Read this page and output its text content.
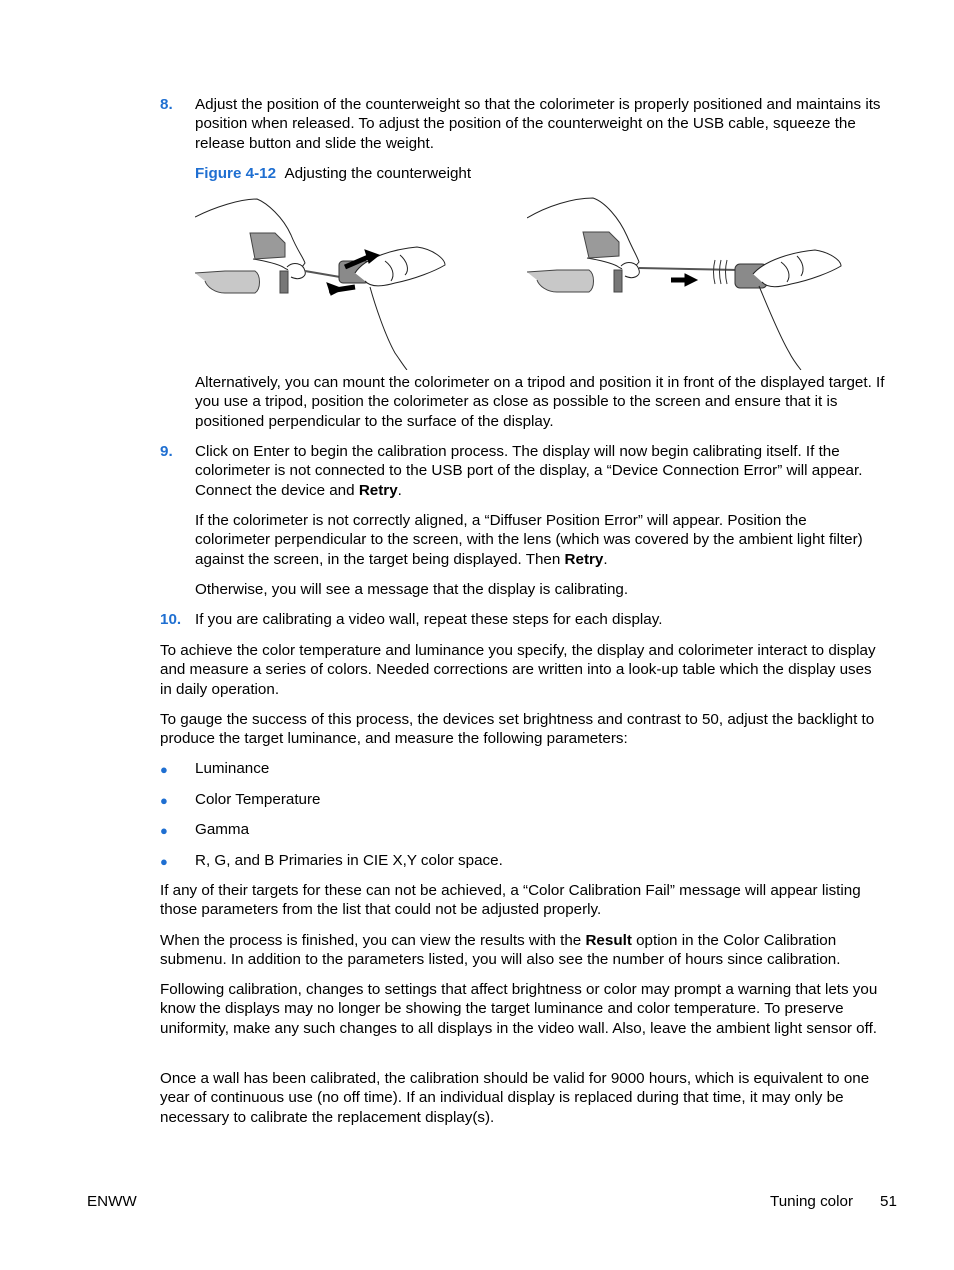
8. Adjust the position of the counterweight so that the colorimeter is properly positioned and maintains its position when released. To adjust the position of the counterweight on the USB cable, squeeze the release button and slide the weight.
Figure 4-12 Adjusting the counterweight
Alternatively, you can mount the colorimeter on a tripod and position it in front of the displayed target. If you use a tripod, position the colorimeter as close as possible to the screen and ensure that it is positioned perpendicular to the surface of the display.
9. Click on Enter to begin the calibration process. The display will now begin calibrating itself. If the colorimeter is not connected to the USB port of the display, a “Device Connection Error” will appear. Connect the device and Retry.
If the colorimeter is not correctly aligned, a “Diffuser Position Error” will appear. Position the colorimeter perpendicular to the screen, with the lens (which was covered by the ambient light filter) against the screen, in the target being displayed. Then Retry.
Otherwise, you will see a message that the display is calibrating.
10. If you are calibrating a video wall, repeat these steps for each display.
To achieve the color temperature and luminance you specify, the display and colorimeter interact to display and measure a series of colors. Needed corrections are written into a look-up table which the display uses in daily operation.
To gauge the success of this process, the devices set brightness and contrast to 50, adjust the backlight to produce the target luminance, and measure the following parameters:
● Luminance
● Color Temperature
● Gamma
● R, G, and B Primaries in CIE X,Y color space.
If any of their targets for these can not be achieved, a “Color Calibration Fail” message will appear listing those parameters from the list that could not be adjusted properly.
When the process is finished, you can view the results with the Result option in the Color Calibration submenu. In addition to the parameters listed, you will also see the number of hours since calibration.
Following calibration, changes to settings that affect brightness or color may prompt a warning that lets you know the displays may no longer be showing the target luminance and color temperature. To preserve uniformity, make any such changes to all displays in the video wall. Also, leave the ambient light sensor off.
Once a wall has been calibrated, the calibration should be valid for 9000 hours, which is equivalent to one year of continuous use (no off time). If an individual display is replaced during that time, it may only be necessary to calibrate the replacement display(s).
ENWW	Tuning color 51
